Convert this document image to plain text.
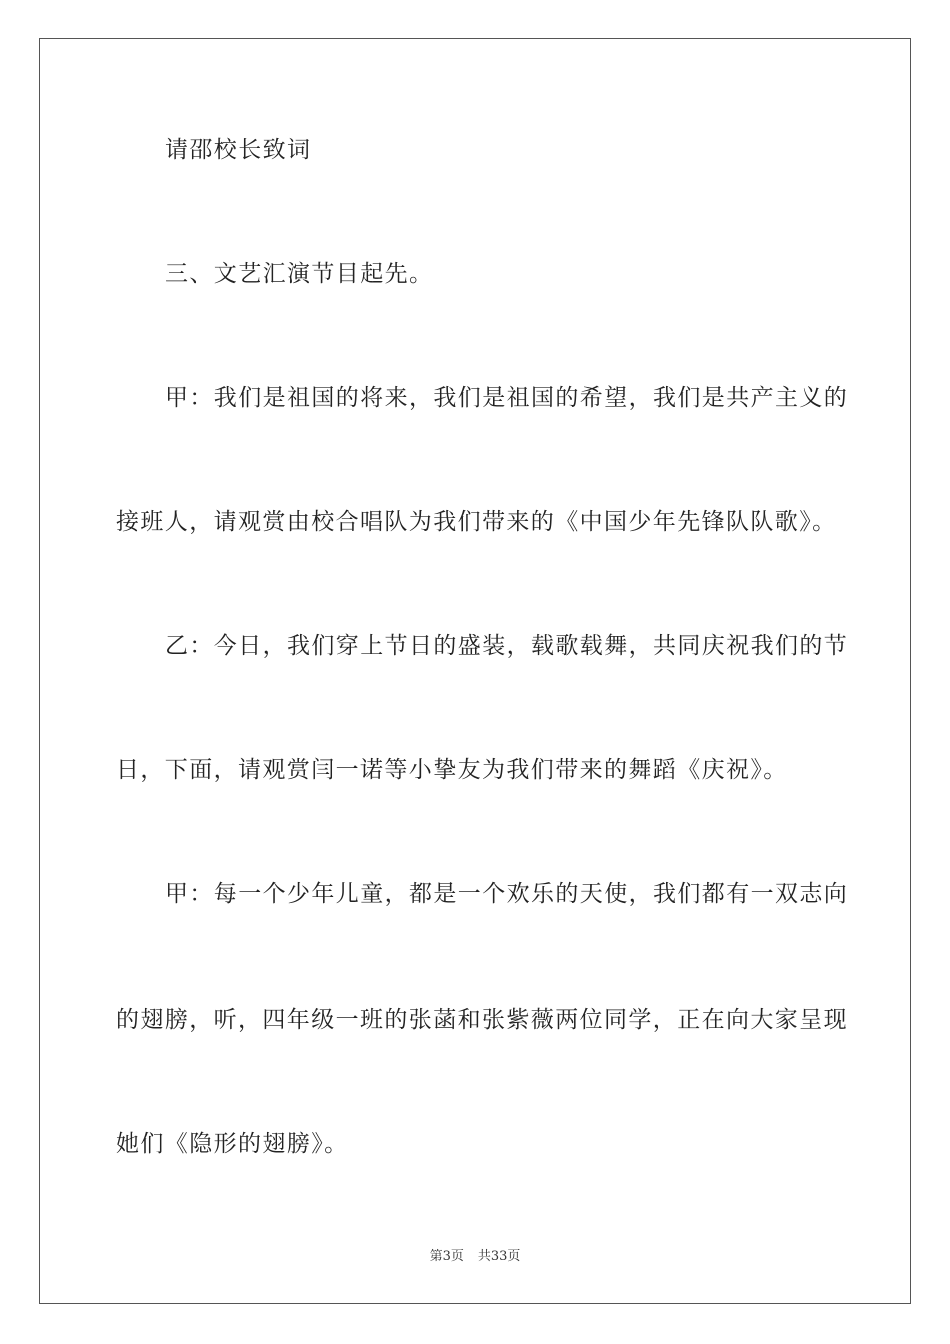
请邵校长致词
三、文艺汇演节目起先。
甲：我们是祖国的将来，我们是祖国的希望，我们是共产主义的
接班人，请观赏由校合唱队为我们带来的《中国少年先锋队队歌》。
乙：今日，我们穿上节日的盛装，载歌载舞，共同庆祝我们的节
日，下面，请观赏闫一诺等小挚友为我们带来的舞蹈《庆祝》。
甲：每一个少年儿童，都是一个欢乐的天使，我们都有一双志向
的翅膀，听，四年级一班的张菡和张紫薇两位同学，正在向大家呈现
她们《隐形的翅膀》。
第3页 共33页
